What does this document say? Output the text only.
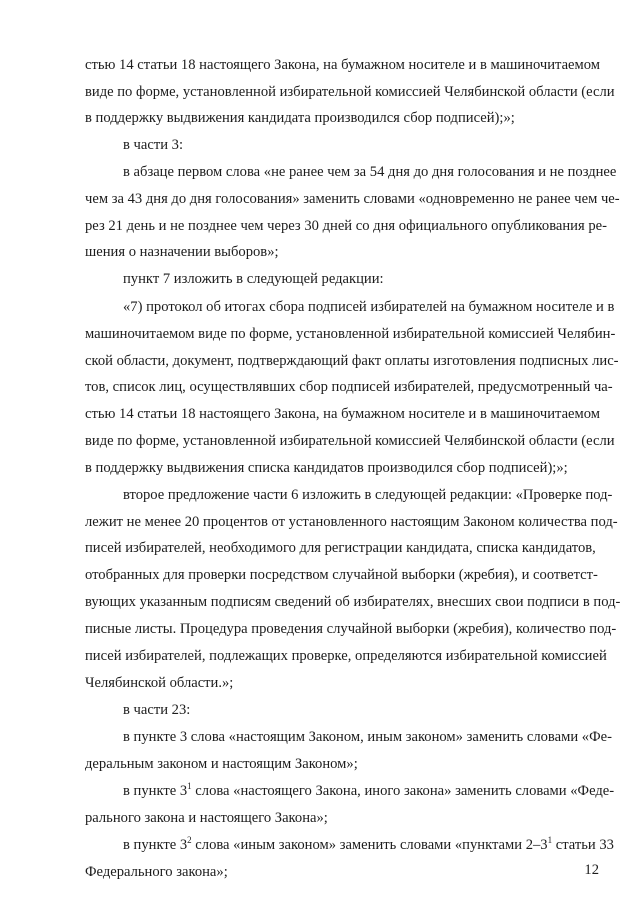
стью 14 статьи 18 настоящего Закона, на бумажном носителе и в машиночитаемом
виде по форме, установленной избирательной комиссией Челябинской области (если
в поддержку выдвижения кандидата производился сбор подписей);»;
в части 3:
в абзаце первом слова «не ранее чем за 54 дня до дня голосования и не позднее
чем за 43 дня до дня голосования» заменить словами «одновременно не ранее чем че-
рез 21 день и не позднее чем через 30 дней со дня официального опубликования ре-
шения о назначении выборов»;
пункт 7 изложить в следующей редакции:
«7) протокол об итогах сбора подписей избирателей на бумажном носителе и в
машиночитаемом виде по форме, установленной избирательной комиссией Челябин-
ской области, документ, подтверждающий факт оплаты изготовления подписных лис-
тов, список лиц, осуществлявших сбор подписей избирателей, предусмотренный ча-
стью 14 статьи 18 настоящего Закона, на бумажном носителе и в машиночитаемом
виде по форме, установленной избирательной комиссией Челябинской области (если
в поддержку выдвижения списка кандидатов производился сбор подписей);»;
второе предложение части 6 изложить в следующей редакции: «Проверке под-
лежит не менее 20 процентов от установленного настоящим Законом количества под-
писей избирателей, необходимого для регистрации кандидата, списка кандидатов,
отобранных для проверки посредством случайной выборки (жребия), и соответст-
вующих указанным подписям сведений об избирателях, внесших свои подписи в под-
писные листы. Процедура проведения случайной выборки (жребия), количество под-
писей избирателей, подлежащих проверке, определяются избирательной комиссией
Челябинской области.»;
в части 23:
в пункте 3 слова «настоящим Законом, иным законом» заменить словами «Фе-
деральным законом и настоящим Законом»;
в пункте $3^1$ слова «настоящего Закона, иного закона» заменить словами «Федe-
рального закона и настоящего Закона»;
в пункте $3^2$ слова «иным законом» заменить словами «пунктами $2-3^1$ статьи 33
Федерального закона»;	12
